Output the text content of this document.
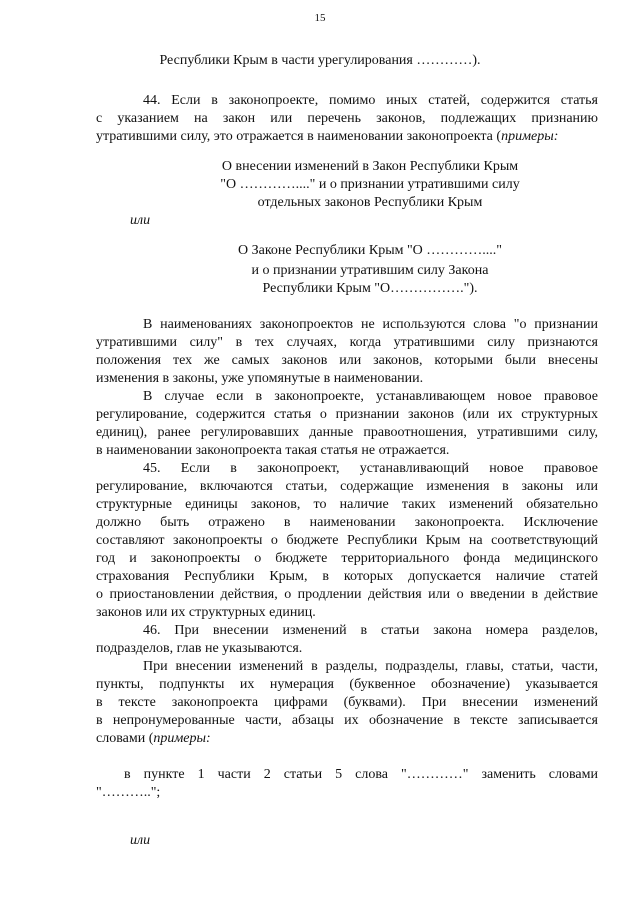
15
Республики Крым в части урегулирования …………).
44. Если в законопроекте, помимо иных статей, содержится статья
с указанием на закон или перечень законов, подлежащих признанию
утратившими силу, это отражается в наименовании законопроекта (примеры:
О внесении изменений в Закон Республики Крым
"О …………...." и о признании утратившими силу
отдельных законов Республики Крым
или
О Законе Республики Крым "О …………...."
и о признании утратившим силу Закона
Республики Крым "О…………….").
В наименованиях законопроектов не используются слова "о признании
утратившими силу" в тех случаях, когда утратившими силу признаются
положения тех же самых законов или законов, которыми были внесены
изменения в законы, уже упомянутые в наименовании.
В случае если в законопроекте, устанавливающем новое правовое
регулирование, содержится статья о признании законов (или их структурных
единиц), ранее регулировавших данные правоотношения, утратившими силу,
в наименовании законопроекта такая статья не отражается.
45. Если в законопроект, устанавливающий новое правовое
регулирование, включаются статьи, содержащие изменения в законы или
структурные единицы законов, то наличие таких изменений обязательно
должно быть отражено в наименовании законопроекта. Исключение
составляют законопроекты о бюджете Республики Крым на соответствующий
год и законопроекты о бюджете территориального фонда медицинского
страхования Республики Крым, в которых допускается наличие статей
о приостановлении действия, о продлении действия или о введении в действие
законов или их структурных единиц.
46. При внесении изменений в статьи закона номера разделов,
подразделов, глав не указываются.
При внесении изменений в разделы, подразделы, главы, статьи, части,
пункты, подпункты их нумерация (буквенное обозначение) указывается
в тексте законопроекта цифрами (буквами). При внесении изменений
в непронумерованные части, абзацы их обозначение в тексте записывается
словами (примеры:
в пункте 1 части 2 статьи 5 слова "…………" заменить словами
"………..";
или
